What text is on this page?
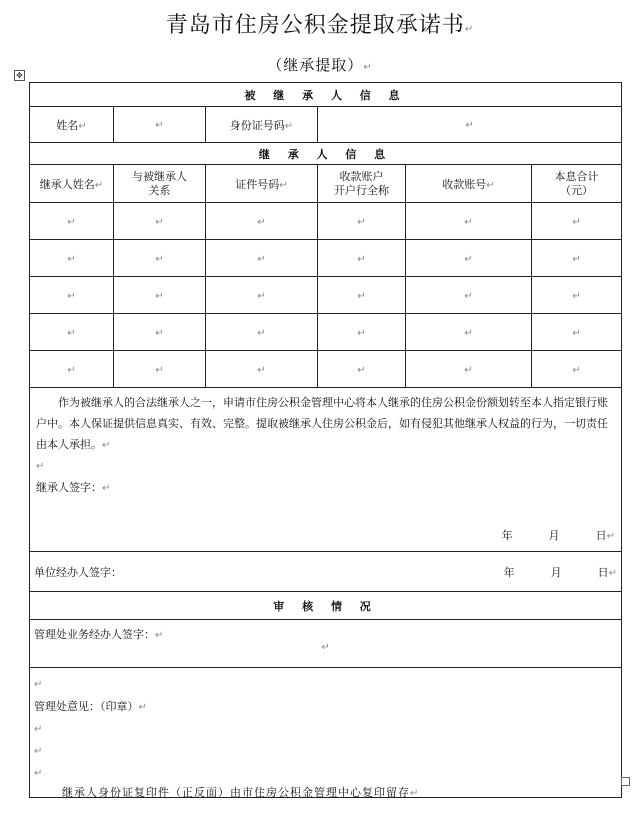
青岛市住房公积金提取承诺书↵
（继承提取）↵
✥
被 继 承 人 信 息					
姓名↵	↵	身份证号码↵	↵		
继 承 人 信 息					
继承人姓名↵	与被继承人
关系	证件号码↵	收款账户
开户行全称	收款账号↵	本息合计
（元）
↵	↵	↵	↵	↵	↵
↵	↵	↵	↵	↵	↵
↵	↵	↵	↵	↵	↵
↵	↵	↵	↵	↵	↵
↵	↵	↵	↵	↵	↵

作为被继承人的合法继承人之一，申请市住房公积金管理中心将本人继承的住房公积金份额划转至本人指定银行账户中。本人保证提供信息真实、有效、完整。提取被继承人住房公积金后，如有侵犯其他继承人权益的行为，一切责任由本人承担。↵
↵
继承人签字：↵
年 月 日↵					

单位经办人签字： 年 月 日↵					

审 核 情 况					

管理处业务经办人签字：↵
↵					

↵
管理处意见：（印章）↵
↵
↵
↵					
继承人身份证复印件（正反面）由市住房公积金管理中心复印留存↵
